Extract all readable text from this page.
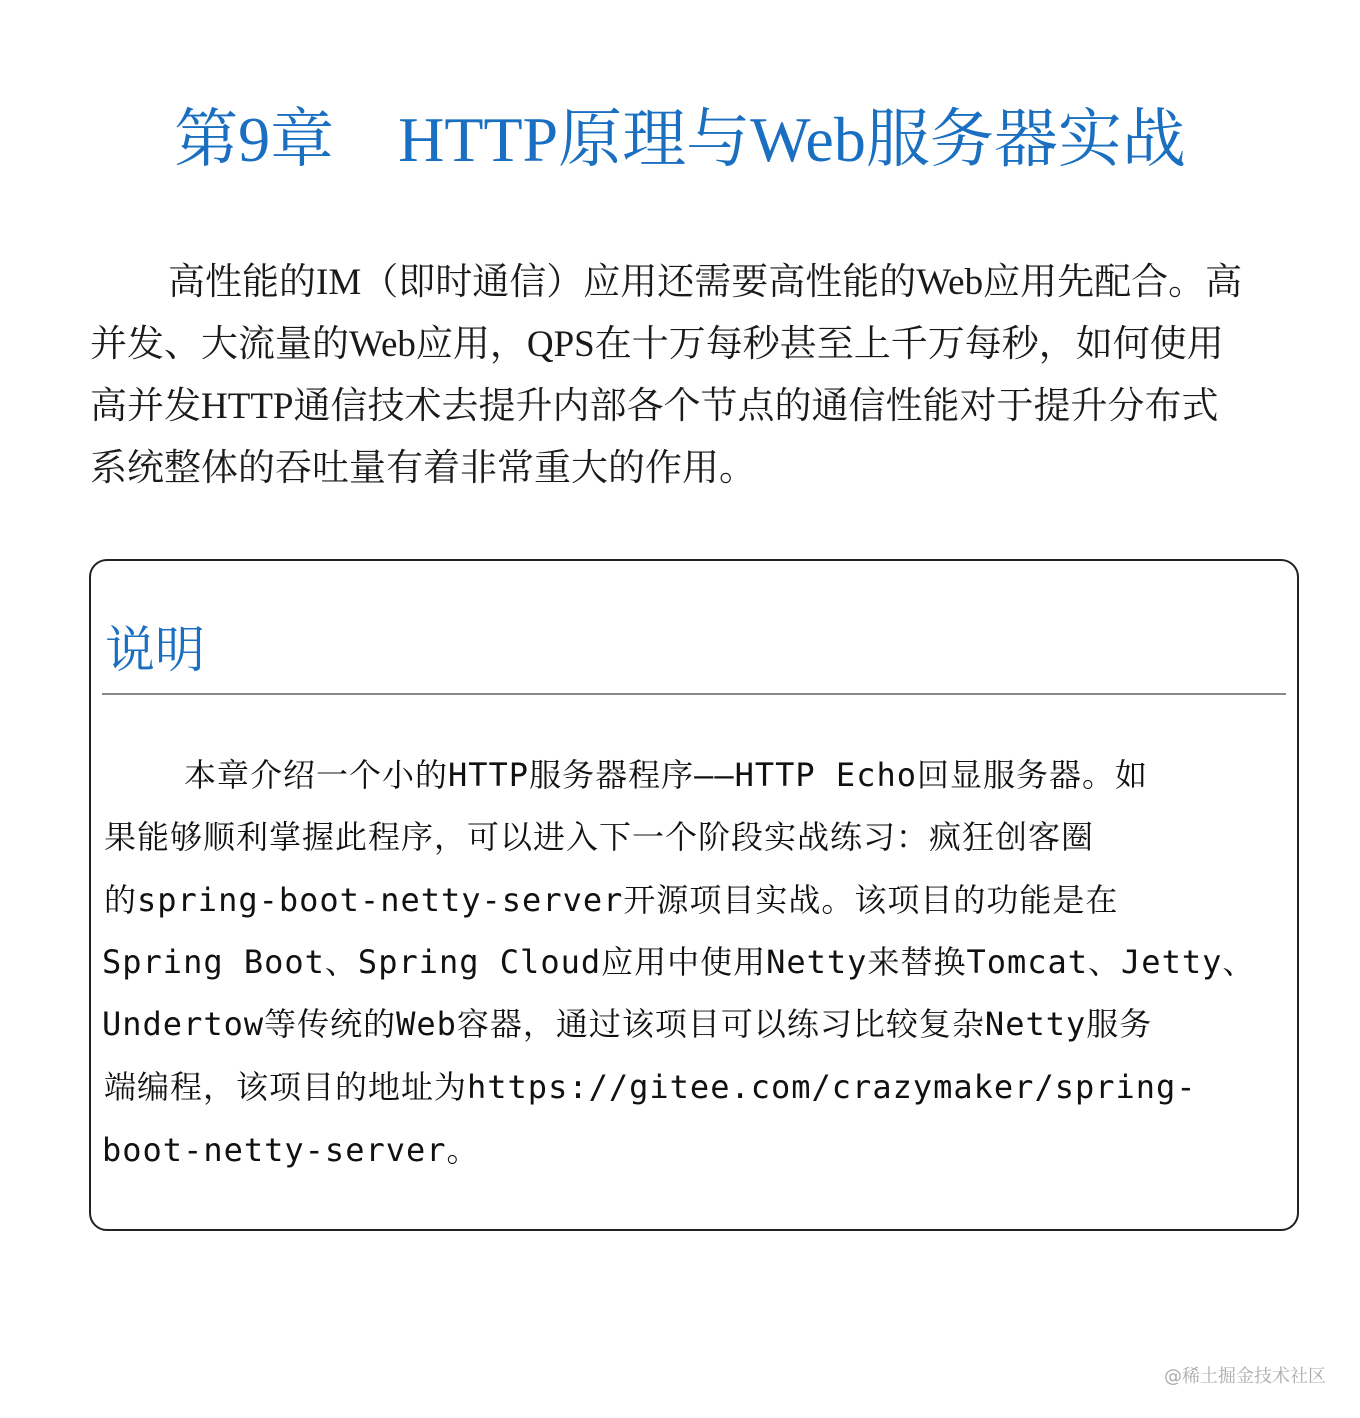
第9章    HTTP原理与Web服务器实战
高性能的IM（即时通信）应用还需要高性能的Web应用先配合。高
并发、大流量的Web应用，QPS在十万每秒甚至上千万每秒，如何使用
高并发HTTP通信技术去提升内部各个节点的通信性能对于提升分布式
系统整体的吞吐量有着非常重大的作用。
说明
本章介绍一个小的HTTP服务器程序——HTTP Echo回显服务器。如
果能够顺利掌握此程序，可以进入下一个阶段实战练习：疯狂创客圈
的spring-boot-netty-server开源项目实战。该项目的功能是在
Spring Boot、Spring Cloud应用中使用Netty来替换Tomcat、Jetty、
Undertow等传统的Web容器，通过该项目可以练习比较复杂Netty服务
端编程，该项目的地址为https://gitee.com/crazymaker/spring-
boot-netty-server。
@稀土掘金技术社区
